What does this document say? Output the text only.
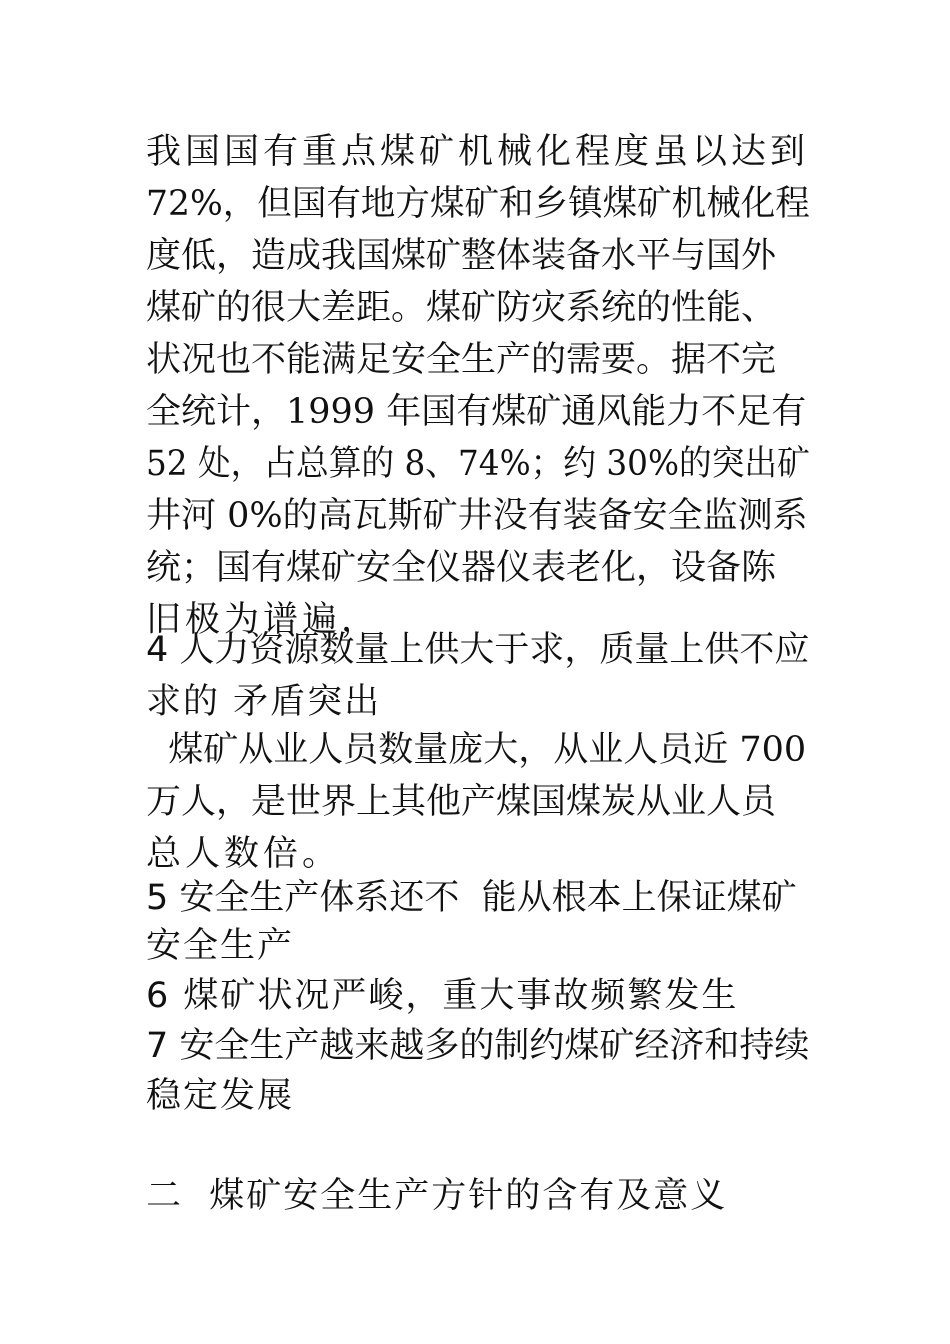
我国国有重点煤矿机械化程度虽以达到
72%，但国有地方煤矿和乡镇煤矿机械化程
度低，造成我国煤矿整体装备水平与国外
煤矿的很大差距。煤矿防灾系统的性能、
状况也不能满足安全生产的需要。据不完
全统计，1999 年国有煤矿通风能力不足有
52 处，占总算的 8、74%；约 30%的突出矿
井河 0%的高瓦斯矿井没有装备安全监测系
统；国有煤矿安全仪器仪表老化，设备陈
旧极为谱遍，
4 人力资源数量上供大于求，质量上供不应
求的 矛盾突出
煤矿从业人员数量庞大，从业人员近 700
万人，是世界上其他产煤国煤炭从业人员
总人数倍。
5 安全生产体系还不  能从根本上保证煤矿
安全生产
6 煤矿状况严峻，重大事故频繁发生
7 安全生产越来越多的制约煤矿经济和持续
稳定发展
二  煤矿安全生产方针的含有及意义
